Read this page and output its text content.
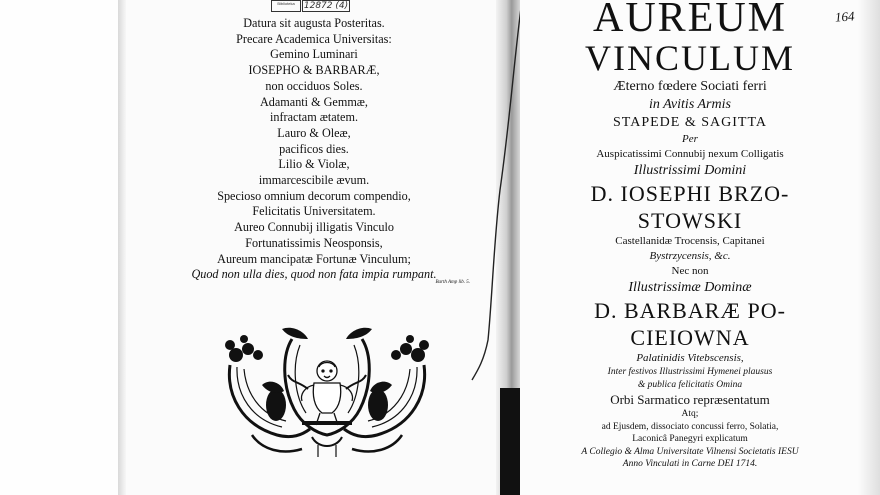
Biblioteka	12872 (4)
Datura sit augusta Posteritas.
Precare Academica Universitas:
Gemino Luminari
IOSEPHO & BARBARÆ,
non occiduos Soles.
Adamanti & Gemmæ,
infractam ætatem.
Lauro & Oleæ,
pacificos dies.
Lilio & Violæ,
immarcescibile ævum.
Specioso omnium decorum compendio,
Felicitatis Universitatem.
Aureo Connubij illigatis Vinculo
Fortunatissimis Neosponsis,
Aureum mancipatæ Fortunæ Vinculum;
Quod non ulla dies, quod non fata impia rumpant.
Barth Amp lib. 5.
164
AUREUM
VINCULUM
Æterno fœdere Sociati ferri
in Avitis Armis
STAPEDE & SAGITTA
Per
Auspicatissimi Connubij nexum Colligatis
Illustrissimi Domini
D. IOSEPHI BRZO-
STOWSKI
Castellanidæ Trocensis, Capitanei
Bystrzycensis, &c.
Nec non
Illustrissimæ Dominæ
D. BARBARÆ PO-
CIEIOWNA
Palatinidis Vitebscensis,
Inter festivos Illustrissimi Hymenei plausus
& publica felicitatis Omina
Orbi Sarmatico repræsentatum
Atq;
ad Ejusdem, dissociato concussi ferro, Solatia,
Laconicâ Panegyri explicatum
A Collegio & Alma Universitate Vilnensi Societatis IESU
Anno Vinculati in Carne DEI 1714.
